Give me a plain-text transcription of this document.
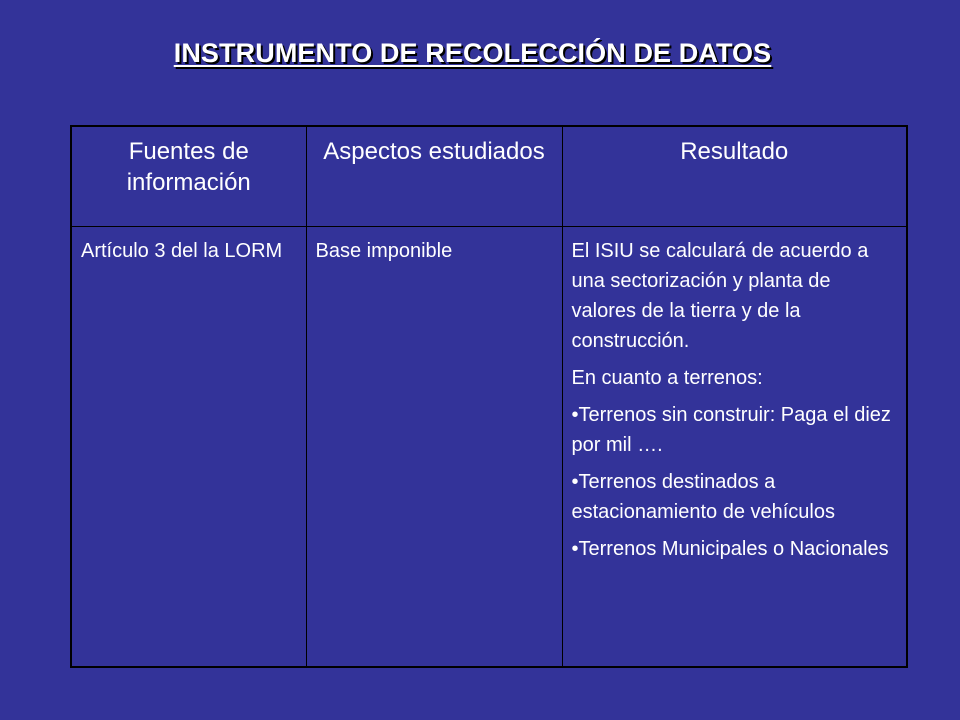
INSTRUMENTO DE RECOLECCIÓN DE DATOS
Fuentes de información	Aspectos estudiados	Resultado
Artículo 3 del la LORM	Base imponible	El ISIU se calculará de acuerdo a una sectorización y planta de valores de la tierra y de la construcción.

En cuanto a terrenos:

• Terrenos sin construir: Paga el diez por mil ….

• Terrenos destinados a estacionamiento de vehículos

• Terrenos Municipales o Nacionales
